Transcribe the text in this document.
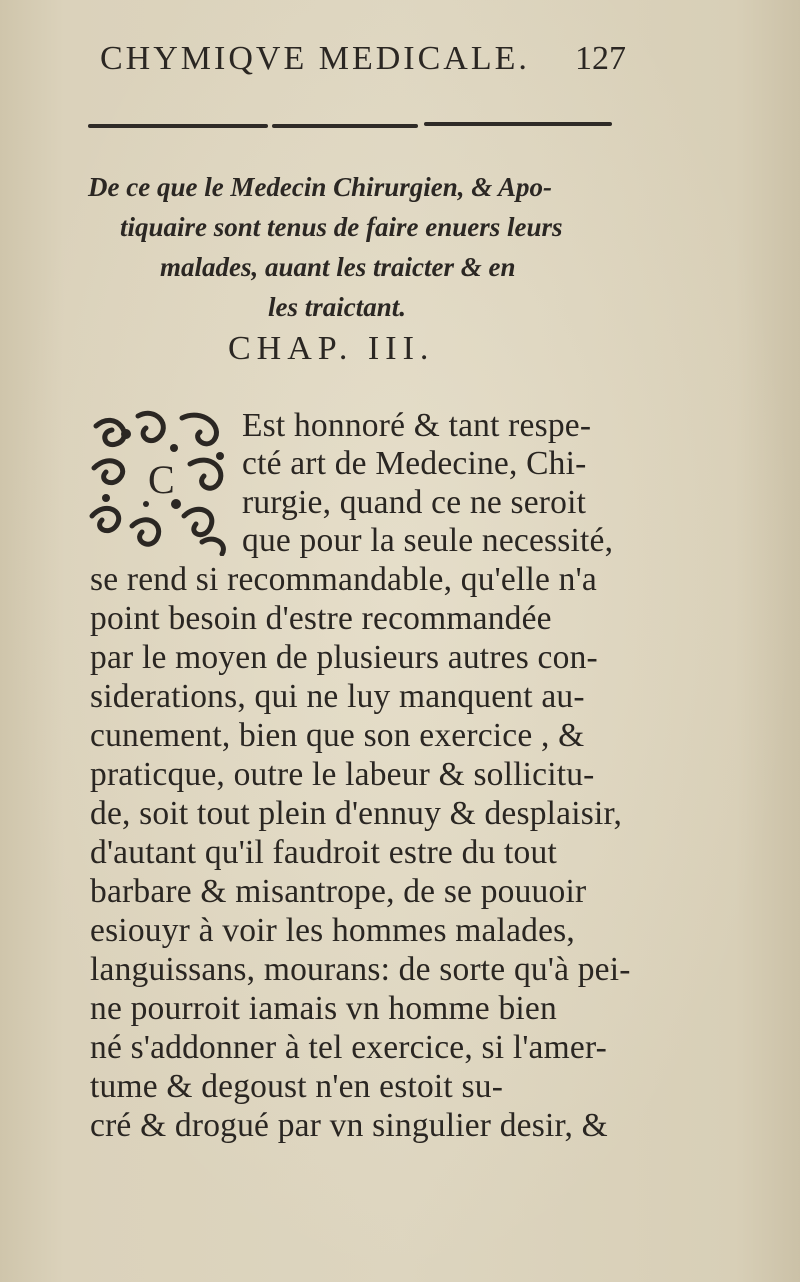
CHYMIQVE MEDICALE. 127
De ce que le Medecin Chirurgien, & Apo-
tiquaire sont tenus de faire enuers leurs
malades, auant les traicter & en
les traictant.
CHAP. III.
C
Est honnoré & tant respe-
cté art de Medecine, Chi-
rurgie, quand ce ne seroit
que pour la seule necessité,
se rend si recommandable, qu'elle n'a
point besoin d'estre recommandée
par le moyen de plusieurs autres con-
siderations, qui ne luy manquent au-
cunement, bien que son exercice , &
praticque, outre le labeur & sollicitu-
de, soit tout plein d'ennuy & desplaisir,
d'autant qu'il faudroit estre du tout
barbare & misantrope, de se pouuoir
esiouyr à voir les hommes malades,
languissans, mourans: de sorte qu'à pei-
ne pourroit iamais vn homme bien
né s'addonner à tel exercice, si l'amer-
tume & degoust n'en estoit su-
cré & drogué par vn singulier desir, &
